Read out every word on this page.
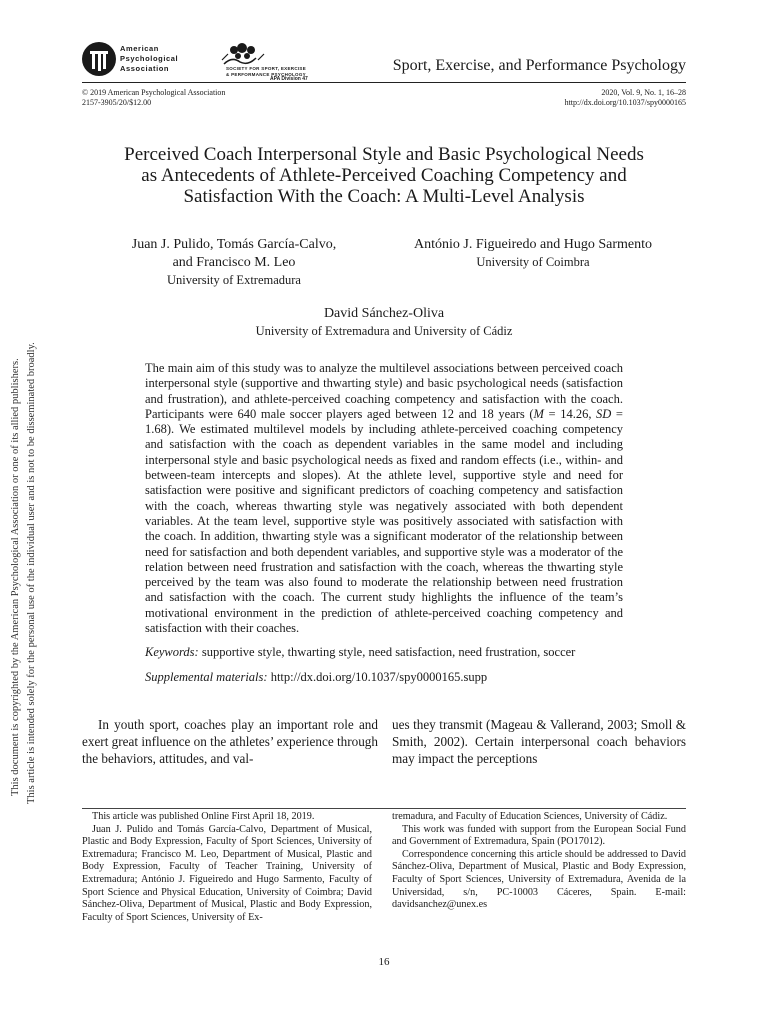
American
Psychological
Association	SOCIETY FOR SPORT, EXERCISE
& PERFORMANCE PSYCHOLOGY
APA Division 47
Sport, Exercise, and Performance Psychology
© 2019 American Psychological Association
2157-3905/20/$12.00
2020, Vol. 9, No. 1, 16–28
http://dx.doi.org/10.1037/spy0000165
Perceived Coach Interpersonal Style and Basic Psychological Needs
as Antecedents of Athlete-Perceived Coaching Competency and
Satisfaction With the Coach: A Multi-Level Analysis
Juan J. Pulido, Tomás García-Calvo,
and Francisco M. Leo
University of Extremadura
António J. Figueiredo and Hugo Sarmento
University of Coimbra
David Sánchez-Oliva
University of Extremadura and University of Cádiz
The main aim of this study was to analyze the multilevel associations between perceived coach interpersonal style (supportive and thwarting style) and basic psychological needs (satisfaction and frustration), and athlete-perceived coaching competency and satisfaction with the coach. Participants were 640 male soccer players aged between 12 and 18 years (M = 14.26, SD = 1.68). We estimated multilevel models by including athlete-perceived coaching competency and satisfaction with the coach as dependent variables in the same model and including interpersonal style and basic psychological needs as fixed and random effects (i.e., within- and between-team intercepts and slopes). At the athlete level, supportive style and need for satisfaction were positive and significant predictors of coaching competency and satisfaction with the coach, whereas thwarting style was negatively associated with both dependent variables. At the team level, supportive style was positively associated with satisfaction with the coach. In addition, thwarting style was a significant moderator of the relationship between need for satisfaction and both dependent variables, and supportive style was a moderator of the relation between need frustration and satisfaction with the coach, whereas the thwarting style perceived by the team was also found to moderate the relationship between need frustration and satisfaction with the coach. The current study highlights the influence of the team’s motivational environment in the prediction of athlete-perceived coaching competency and satisfaction with their coaches.
Keywords: supportive style, thwarting style, need satisfaction, need frustration, soccer
Supplemental materials: http://dx.doi.org/10.1037/spy0000165.supp
In youth sport, coaches play an important role and exert great influence on the athletes’ experience through the behaviors, attitudes, and val-
ues they transmit (Mageau & Vallerand, 2003; Smoll & Smith, 2002). Certain interpersonal coach behaviors may impact the perceptions

This article was published Online First April 18, 2019.

Juan J. Pulido and Tomás García-Calvo, Department of Musical, Plastic and Body Expression, Faculty of Sport Sciences, University of Extremadura; Francisco M. Leo, Department of Musical, Plastic and Body Expression, Faculty of Teacher Training, University of Extremadura; António J. Figueiredo and Hugo Sarmento, Faculty of Sport Science and Physical Education, University of Coimbra; David Sánchez-Oliva, Department of Musical, Plastic and Body Expression, Faculty of Sport Sciences, University of Ex-

tremadura, and Faculty of Education Sciences, University of Cádiz.

This work was funded with support from the European Social Fund and Government of Extremadura, Spain (PO17012).

Correspondence concerning this article should be addressed to David Sánchez-Oliva, Department of Musical, Plastic and Body Expression, Faculty of Sport Sciences, University of Extremadura, Avenida de la Universidad, s/n, PC-10003 Cáceres, Spain. E-mail: davidsanchez@unex.es

16
This document is copyrighted by the American Psychological Association or one of its allied publishers. This article is intended solely for the personal use of the individual user and is not to be disseminated broadly.
